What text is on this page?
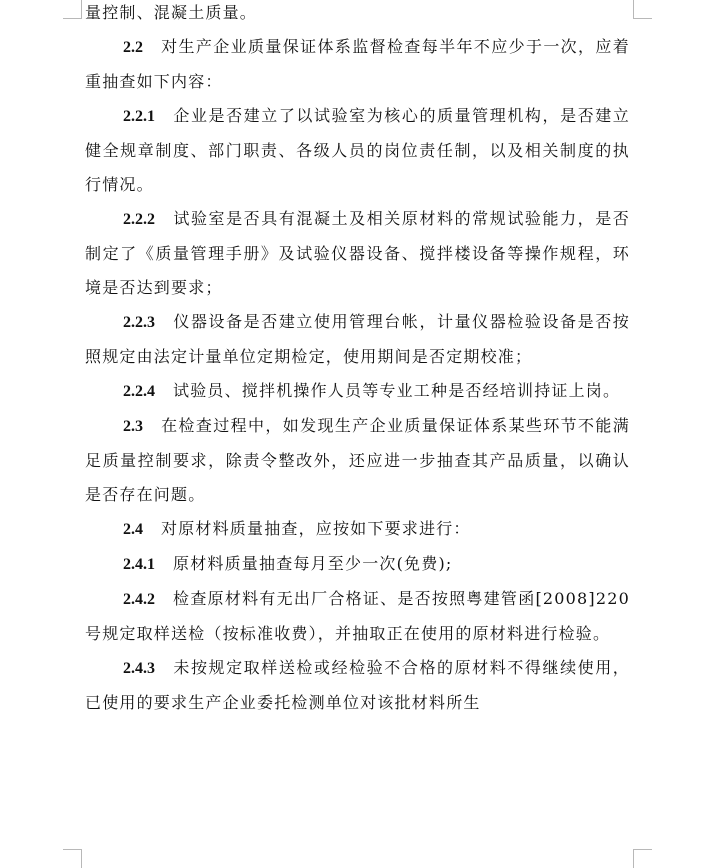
量控制、混凝土质量。

2.2 对生产企业质量保证体系监督检查每半年不应少于一次，应着重抽查如下内容：

2.2.1 企业是否建立了以试验室为核心的质量管理机构，是否建立健全规章制度、部门职责、各级人员的岗位责任制，以及相关制度的执行情况。

2.2.2 试验室是否具有混凝土及相关原材料的常规试验能力，是否制定了《质量管理手册》及试验仪器设备、搅拌楼设备等操作规程，环境是否达到要求；

2.2.3 仪器设备是否建立使用管理台帐，计量仪器检验设备是否按照规定由法定计量单位定期检定，使用期间是否定期校准；

2.2.4 试验员、搅拌机操作人员等专业工种是否经培训持证上岗。

2.3 在检查过程中，如发现生产企业质量保证体系某些环节不能满足质量控制要求，除责令整改外，还应进一步抽查其产品质量，以确认是否存在问题。

2.4 对原材料质量抽查，应按如下要求进行：

2.4.1 原材料质量抽查每月至少一次(免费);

2.4.2 检查原材料有无出厂合格证、是否按照粤建管函[2008]220号规定取样送检（按标准收费），并抽取正在使用的原材料进行检验。

2.4.3 未按规定取样送检或经检验不合格的原材料不得继续使用，已使用的要求生产企业委托检测单位对该批材料所生
